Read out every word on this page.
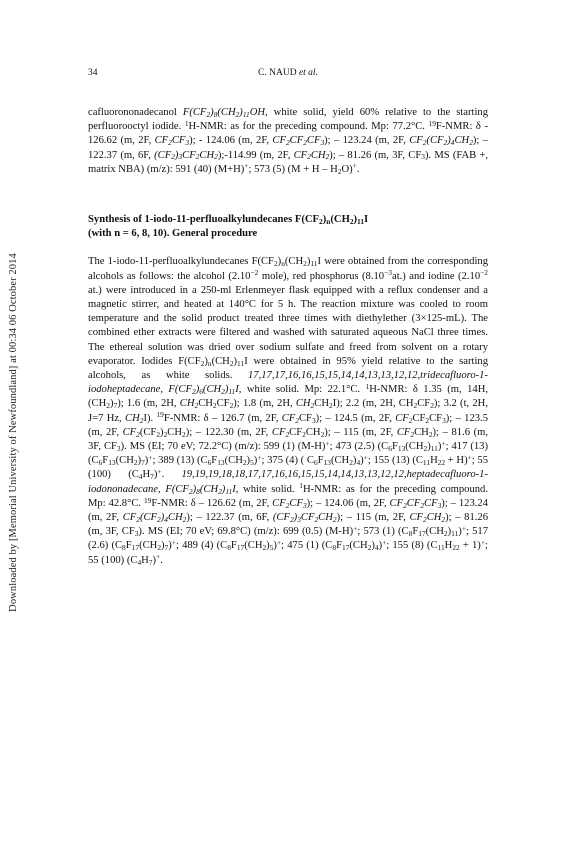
Downloaded by [Memorial University of Newfoundland] at 00:34 06 October 2014
34	C. NAUD et al.

cafluorononadecanol $F(CF_2)_8(CH_2)_{11}OH$, white solid, yield 60% relative to the starting perfluorooctyl iodide. $^1$H-NMR: as for the preceding compound. Mp: 77.2°C. $^{19}$F-NMR: δ - 126.62 (m, 2F, $CF_2CF_3$); - 124.06 (m, 2F, $CF_2CF_2CF_3$); – 123.24 (m, 2F, $CF_2(CF_2)_4CH_2$); – 122.37 (m, 6F, $(CF_2)_3CF_2CH_2);-114.99$ (m, 2F, $CF_2CH_2$); – 81.26 (m, 3F, $CF_3$). MS (FAB +, matrix NBA) (m/z): 591 (40) (M+H)+; 573 (5) $(M + H - H_2O)^+$.

Synthesis of 1-iodo-11-perfluoalkylundecanes $F(CF_2)_n(CH_2)_{11}I$
(with n = 6, 8, 10). General procedure

The 1-iodo-11-perfluoalkylundecanes $F(CF_2)_n(CH_2)_{11}I$ were obtained from the corresponding alcohols as follows: the alcohol ($2.10^{-2}$ mole), red phosphorus $(8.10^{-3}at.)$ and iodine ($2.10^{-2}$ at.) were introduced in a 250-ml Erlenmeyer flask equipped with a reflux condenser and a magnetic stirrer, and heated at 140°C for 5 h. The reaction mixture was cooled to room temperature and the solid product treated three times with diethylether (3×125-mL). The combined ether extracts were filtered and washed with saturated aqueous NaCl three times. The ethereal solution was dried over sodium sulfate and freed from solvent on a rotary evaporator. Iodides $F(CF_2)_n(CH_2)_{11}I$ were obtained in 95% yield relative to the sarting alcohols, as white solids. 17,17,17,16,16,15,15,14,14,13,13,12,12,tridecafluoro-1-iodoheptadecane, $F(CF_2)_6(CH_2)_{11}I$, white solid. Mp: 22.1°C. $^1$H-NMR: δ 1.35 (m, 14H, $(CH_2)_7$); 1.6 (m, 2H, $CH_2CH_2CF_2$); 1.8 (m, 2H, $CH_2CH_2I$); 2.2 (m, 2H, $CH_2CF_2$); 3.2 (t, 2H, J=7 Hz, $CH_2I$). $^{19}$F-NMR: δ – 126.7 (m, 2F, $CF_2CF_3$); – 124.5 (m, 2F, $CF_2CF_2CF_3$); – 123.5 (m, 2F, $CF_2(CF_2)_2CH_2$); – 122.30 (m, 2F, $CF_2CF_2CH_2$); – 115 (m, 2F, $CF_2CH_2$); – 81.6 (m, 3F, $CF_3$). MS (EI; 70 eV; 72.2°C) (m/z): 599 (1) (M-H)+; 473 (2.5) $(C_6F_{13}(CH_2)_{11})^+$; 417 (13) $(C_6F_{13}(CH_2)_7)^+$; 389 (13) $(C_6F_{13}(CH_2)_5)^+$; 375 (4) ( $C_6F_{13}(CH_2)_4)^+$; 155 (13) $(C_{11}H_{22} + H)^+$; 55 (100) $(C_4H_7)^+$. 19,19,19,18,18,17,17,16,16,15,15,14,14,13,13,12,12,heptadecafluoro-1-iodononadecane, $F(CF_2)_8(CH_2)_{11}I$, white solid. $^1$H-NMR: as for the preceding compound. Mp: 42.8°C. $^{19}$F-NMR: δ – 126.62 (m, 2F, $CF_2CF_3$); – 124.06 (m, 2F, $CF_2CF_2CF_3$); – 123.24 (m, 2F, $CF_2(CF_2)_4CH_2$); – 122.37 (m, 6F, $(CF_2)_3CF_2CH_2$); – 115 (m, 2F, $CF_2CH_2$); – 81.26 (m, 3F, $CF_3$). MS (EI; 70 eV; 69.8°C) (m/z): 699 (0.5) (M-H)+; 573 (1) $(C_8F_{17}(CH_2)_{11})^+$; 517 (2.6) $(C_8F_{17}(CH_2)_7)^+$; 489 (4) $(C_8F_{17}(CH_2)_5)^+$; 475 (1) $(C_8F_{17}(CH_2)_4)^+$; 155 (8) $(C_{11}H_{22} + 1)^+$; 55 (100) $(C_4H_7)^+$.
